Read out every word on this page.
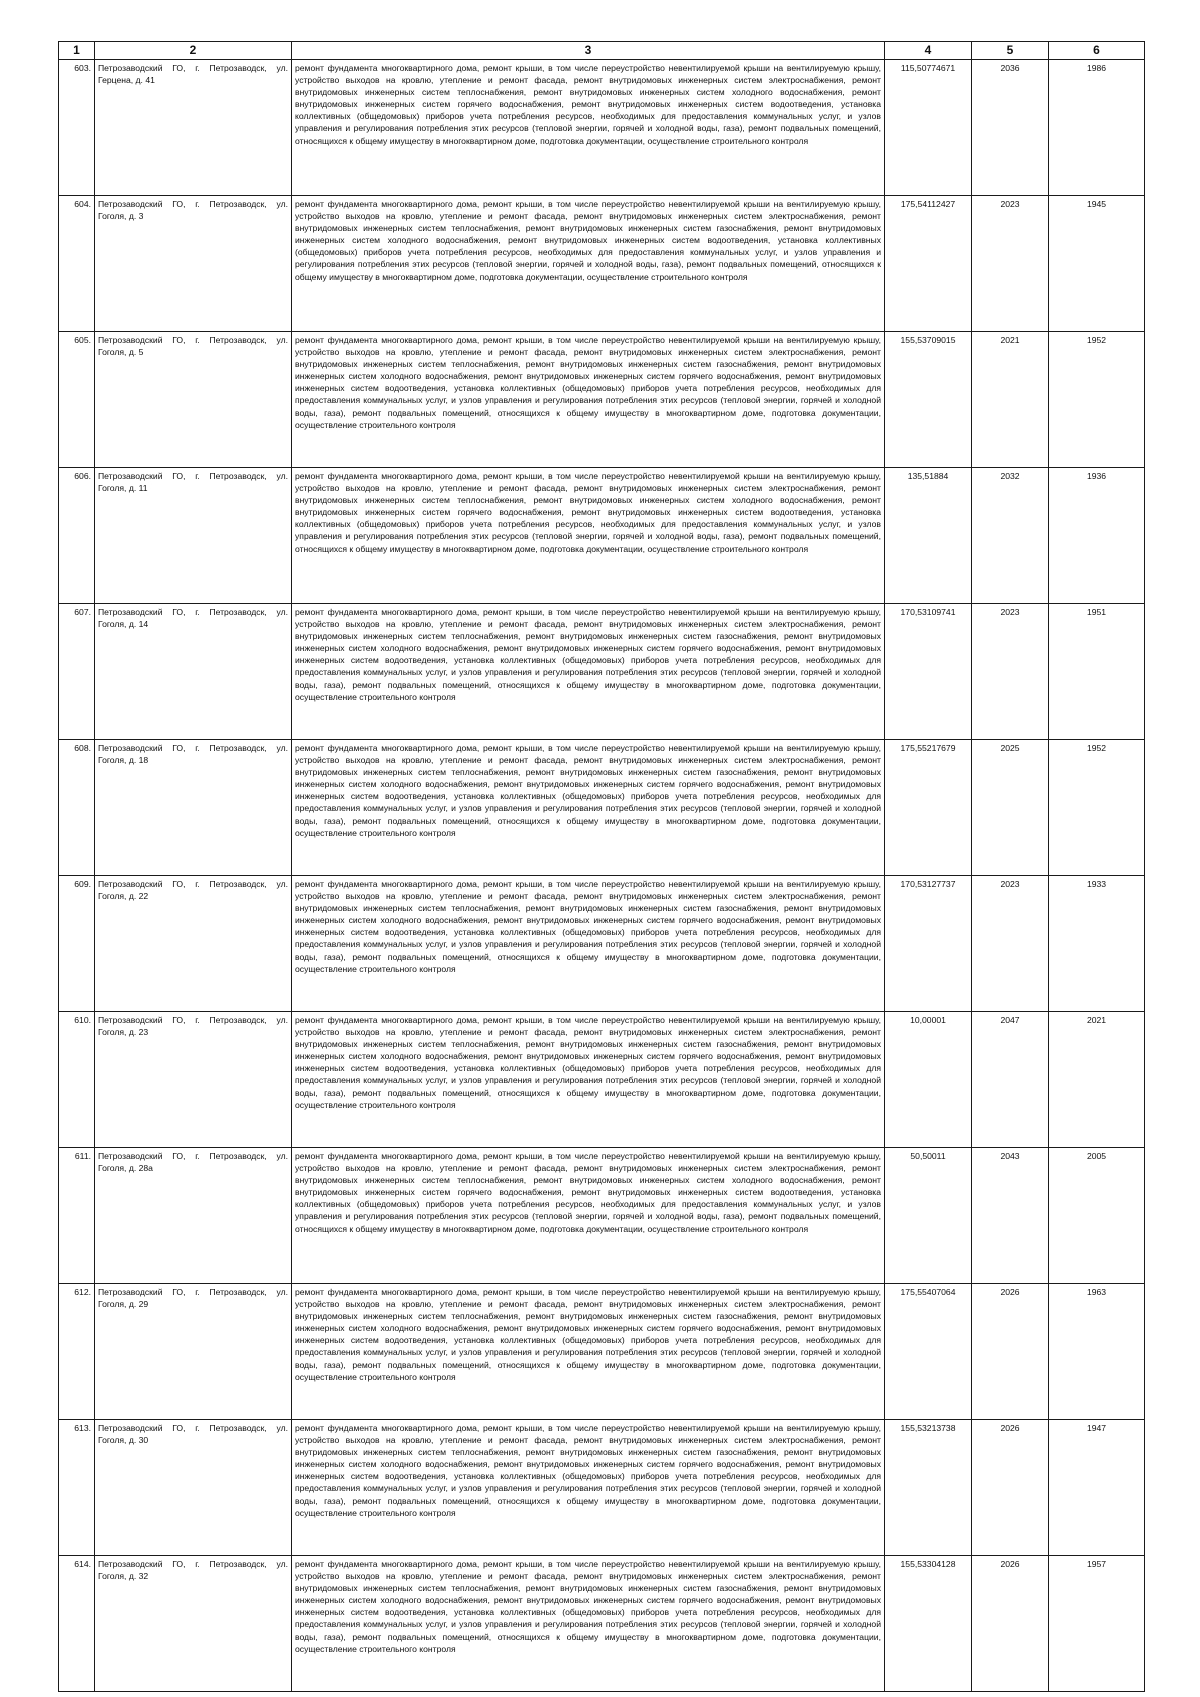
1	2	3	4	5	6
603.	Петрозаводский ГО, г. Петрозаводск, ул. Герцена, д. 41	ремонт фундамента многоквартирного дома, ремонт крыши, в том числе переустройство невентилируемой крыши на вентилируемую крышу, устройство выходов на кровлю, утепление и ремонт фасада, ремонт внутридомовых инженерных систем электроснабжения, ремонт внутридомовых инженерных систем теплоснабжения, ремонт внутридомовых инженерных систем холодного водоснабжения, ремонт внутридомовых инженерных систем горячего водоснабжения, ремонт внутридомовых инженерных систем водоотведения, установка коллективных (общедомовых) приборов учета потребления ресурсов, необходимых для предоставления коммунальных услуг, и узлов управления и регулирования потребления этих ресурсов (тепловой энергии, горячей и холодной воды, газа), ремонт подвальных помещений, относящихся к общему имуществу в многоквартирном доме, подготовка документации, осуществление строительного контроля	115,50774671	2036	1986
604.	Петрозаводский ГО, г. Петрозаводск, ул. Гоголя, д. 3	ремонт фундамента многоквартирного дома, ремонт крыши, в том числе переустройство невентилируемой крыши на вентилируемую крышу, устройство выходов на кровлю, утепление и ремонт фасада, ремонт внутридомовых инженерных систем электроснабжения, ремонт внутридомовых инженерных систем теплоснабжения, ремонт внутридомовых инженерных систем газоснабжения, ремонт внутридомовых инженерных систем холодного водоснабжения, ремонт внутридомовых инженерных систем водоотведения, установка коллективных (общедомовых) приборов учета потребления ресурсов, необходимых для предоставления коммунальных услуг, и узлов управления и регулирования потребления этих ресурсов (тепловой энергии, горячей и холодной воды, газа), ремонт подвальных помещений, относящихся к общему имуществу в многоквартирном доме, подготовка документации, осуществление строительного контроля	175,54112427	2023	1945
605.	Петрозаводский ГО, г. Петрозаводск, ул. Гоголя, д. 5	ремонт фундамента многоквартирного дома, ремонт крыши, в том числе переустройство невентилируемой крыши на вентилируемую крышу, устройство выходов на кровлю, утепление и ремонт фасада, ремонт внутридомовых инженерных систем электроснабжения, ремонт внутридомовых инженерных систем теплоснабжения, ремонт внутридомовых инженерных систем газоснабжения, ремонт внутридомовых инженерных систем холодного водоснабжения, ремонт внутридомовых инженерных систем горячего водоснабжения, ремонт внутридомовых инженерных систем водоотведения, установка коллективных (общедомовых) приборов учета потребления ресурсов, необходимых для предоставления коммунальных услуг, и узлов управления и регулирования потребления этих ресурсов (тепловой энергии, горячей и холодной воды, газа), ремонт подвальных помещений, относящихся к общему имуществу в многоквартирном доме, подготовка документации, осуществление строительного контроля	155,53709015	2021	1952
606.	Петрозаводский ГО, г. Петрозаводск, ул. Гоголя, д. 11	ремонт фундамента многоквартирного дома, ремонт крыши, в том числе переустройство невентилируемой крыши на вентилируемую крышу, устройство выходов на кровлю, утепление и ремонт фасада, ремонт внутридомовых инженерных систем электроснабжения, ремонт внутридомовых инженерных систем теплоснабжения, ремонт внутридомовых инженерных систем холодного водоснабжения, ремонт внутридомовых инженерных систем горячего водоснабжения, ремонт внутридомовых инженерных систем водоотведения, установка коллективных (общедомовых) приборов учета потребления ресурсов, необходимых для предоставления коммунальных услуг, и узлов управления и регулирования потребления этих ресурсов (тепловой энергии, горячей и холодной воды, газа), ремонт подвальных помещений, относящихся к общему имуществу в многоквартирном доме, подготовка документации, осуществление строительного контроля	135,51884	2032	1936
607.	Петрозаводский ГО, г. Петрозаводск, ул. Гоголя, д. 14	ремонт фундамента многоквартирного дома, ремонт крыши, в том числе переустройство невентилируемой крыши на вентилируемую крышу, устройство выходов на кровлю, утепление и ремонт фасада, ремонт внутридомовых инженерных систем электроснабжения, ремонт внутридомовых инженерных систем теплоснабжения, ремонт внутридомовых инженерных систем газоснабжения, ремонт внутридомовых инженерных систем холодного водоснабжения, ремонт внутридомовых инженерных систем горячего водоснабжения, ремонт внутридомовых инженерных систем водоотведения, установка коллективных (общедомовых) приборов учета потребления ресурсов, необходимых для предоставления коммунальных услуг, и узлов управления и регулирования потребления этих ресурсов (тепловой энергии, горячей и холодной воды, газа), ремонт подвальных помещений, относящихся к общему имуществу в многоквартирном доме, подготовка документации, осуществление строительного контроля	170,53109741	2023	1951
608.	Петрозаводский ГО, г. Петрозаводск, ул. Гоголя, д. 18	ремонт фундамента многоквартирного дома, ремонт крыши, в том числе переустройство невентилируемой крыши на вентилируемую крышу, устройство выходов на кровлю, утепление и ремонт фасада, ремонт внутридомовых инженерных систем электроснабжения, ремонт внутридомовых инженерных систем теплоснабжения, ремонт внутридомовых инженерных систем газоснабжения, ремонт внутридомовых инженерных систем холодного водоснабжения, ремонт внутридомовых инженерных систем горячего водоснабжения, ремонт внутридомовых инженерных систем водоотведения, установка коллективных (общедомовых) приборов учета потребления ресурсов, необходимых для предоставления коммунальных услуг, и узлов управления и регулирования потребления этих ресурсов (тепловой энергии, горячей и холодной воды, газа), ремонт подвальных помещений, относящихся к общему имуществу в многоквартирном доме, подготовка документации, осуществление строительного контроля	175,55217679	2025	1952
609.	Петрозаводский ГО, г. Петрозаводск, ул. Гоголя, д. 22	ремонт фундамента многоквартирного дома, ремонт крыши, в том числе переустройство невентилируемой крыши на вентилируемую крышу, устройство выходов на кровлю, утепление и ремонт фасада, ремонт внутридомовых инженерных систем электроснабжения, ремонт внутридомовых инженерных систем теплоснабжения, ремонт внутридомовых инженерных систем газоснабжения, ремонт внутридомовых инженерных систем холодного водоснабжения, ремонт внутридомовых инженерных систем горячего водоснабжения, ремонт внутридомовых инженерных систем водоотведения, установка коллективных (общедомовых) приборов учета потребления ресурсов, необходимых для предоставления коммунальных услуг, и узлов управления и регулирования потребления этих ресурсов (тепловой энергии, горячей и холодной воды, газа), ремонт подвальных помещений, относящихся к общему имуществу в многоквартирном доме, подготовка документации, осуществление строительного контроля	170,53127737	2023	1933
610.	Петрозаводский ГО, г. Петрозаводск, ул. Гоголя, д. 23	ремонт фундамента многоквартирного дома, ремонт крыши, в том числе переустройство невентилируемой крыши на вентилируемую крышу, устройство выходов на кровлю, утепление и ремонт фасада, ремонт внутридомовых инженерных систем электроснабжения, ремонт внутридомовых инженерных систем теплоснабжения, ремонт внутридомовых инженерных систем газоснабжения, ремонт внутридомовых инженерных систем холодного водоснабжения, ремонт внутридомовых инженерных систем горячего водоснабжения, ремонт внутридомовых инженерных систем водоотведения, установка коллективных (общедомовых) приборов учета потребления ресурсов, необходимых для предоставления коммунальных услуг, и узлов управления и регулирования потребления этих ресурсов (тепловой энергии, горячей и холодной воды, газа), ремонт подвальных помещений, относящихся к общему имуществу в многоквартирном доме, подготовка документации, осуществление строительного контроля	10,00001	2047	2021
611.	Петрозаводский ГО, г. Петрозаводск, ул. Гоголя, д. 28а	ремонт фундамента многоквартирного дома, ремонт крыши, в том числе переустройство невентилируемой крыши на вентилируемую крышу, устройство выходов на кровлю, утепление и ремонт фасада, ремонт внутридомовых инженерных систем электроснабжения, ремонт внутридомовых инженерных систем теплоснабжения, ремонт внутридомовых инженерных систем холодного водоснабжения, ремонт внутридомовых инженерных систем горячего водоснабжения, ремонт внутридомовых инженерных систем водоотведения, установка коллективных (общедомовых) приборов учета потребления ресурсов, необходимых для предоставления коммунальных услуг, и узлов управления и регулирования потребления этих ресурсов (тепловой энергии, горячей и холодной воды, газа), ремонт подвальных помещений, относящихся к общему имуществу в многоквартирном доме, подготовка документации, осуществление строительного контроля	50,50011	2043	2005
612.	Петрозаводский ГО, г. Петрозаводск, ул. Гоголя, д. 29	ремонт фундамента многоквартирного дома, ремонт крыши, в том числе переустройство невентилируемой крыши на вентилируемую крышу, устройство выходов на кровлю, утепление и ремонт фасада, ремонт внутридомовых инженерных систем электроснабжения, ремонт внутридомовых инженерных систем теплоснабжения, ремонт внутридомовых инженерных систем газоснабжения, ремонт внутридомовых инженерных систем холодного водоснабжения, ремонт внутридомовых инженерных систем горячего водоснабжения, ремонт внутридомовых инженерных систем водоотведения, установка коллективных (общедомовых) приборов учета потребления ресурсов, необходимых для предоставления коммунальных услуг, и узлов управления и регулирования потребления этих ресурсов (тепловой энергии, горячей и холодной воды, газа), ремонт подвальных помещений, относящихся к общему имуществу в многоквартирном доме, подготовка документации, осуществление строительного контроля	175,55407064	2026	1963
613.	Петрозаводский ГО, г. Петрозаводск, ул. Гоголя, д. 30	ремонт фундамента многоквартирного дома, ремонт крыши, в том числе переустройство невентилируемой крыши на вентилируемую крышу, устройство выходов на кровлю, утепление и ремонт фасада, ремонт внутридомовых инженерных систем электроснабжения, ремонт внутридомовых инженерных систем теплоснабжения, ремонт внутридомовых инженерных систем газоснабжения, ремонт внутридомовых инженерных систем холодного водоснабжения, ремонт внутридомовых инженерных систем горячего водоснабжения, ремонт внутридомовых инженерных систем водоотведения, установка коллективных (общедомовых) приборов учета потребления ресурсов, необходимых для предоставления коммунальных услуг, и узлов управления и регулирования потребления этих ресурсов (тепловой энергии, горячей и холодной воды, газа), ремонт подвальных помещений, относящихся к общему имуществу в многоквартирном доме, подготовка документации, осуществление строительного контроля	155,53213738	2026	1947
614.	Петрозаводский ГО, г. Петрозаводск, ул. Гоголя, д. 32	ремонт фундамента многоквартирного дома, ремонт крыши, в том числе переустройство невентилируемой крыши на вентилируемую крышу, устройство выходов на кровлю, утепление и ремонт фасада, ремонт внутридомовых инженерных систем электроснабжения, ремонт внутридомовых инженерных систем теплоснабжения, ремонт внутридомовых инженерных систем газоснабжения, ремонт внутридомовых инженерных систем холодного водоснабжения, ремонт внутридомовых инженерных систем горячего водоснабжения, ремонт внутридомовых инженерных систем водоотведения, установка коллективных (общедомовых) приборов учета потребления ресурсов, необходимых для предоставления коммунальных услуг, и узлов управления и регулирования потребления этих ресурсов (тепловой энергии, горячей и холодной воды, газа), ремонт подвальных помещений, относящихся к общему имуществу в многоквартирном доме, подготовка документации, осуществление строительного контроля	155,53304128	2026	1957
